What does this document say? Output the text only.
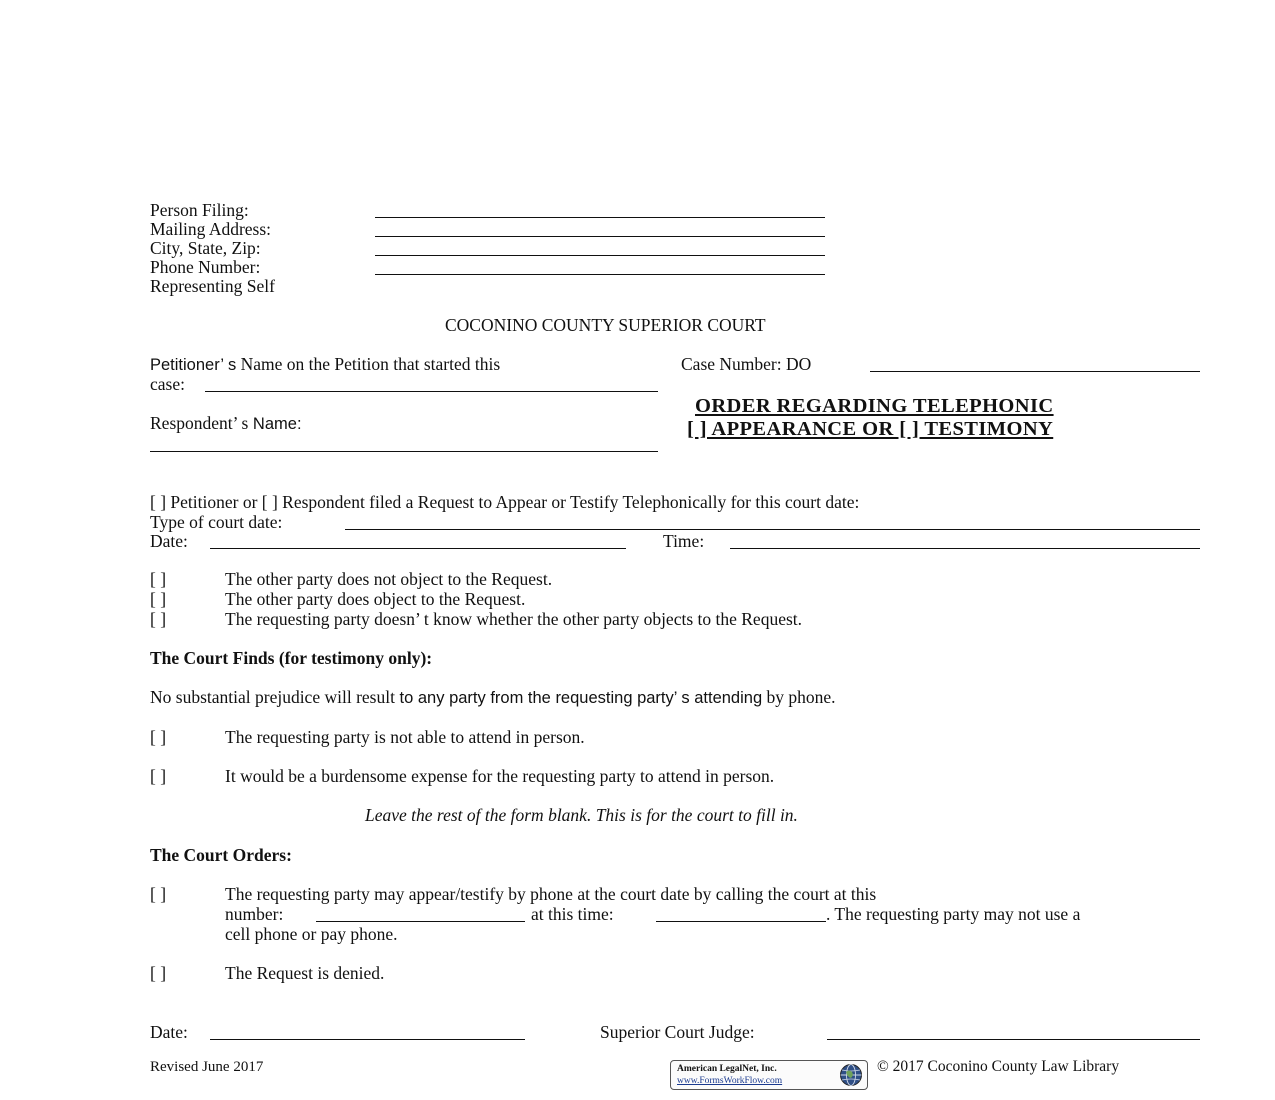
Person Filing:
Mailing Address:
City, State, Zip:
Phone Number:
Representing Self
COCONINO COUNTY SUPERIOR COURT
Petitioner’ s Name on the Petition that started this
case:
Respondent’ s Name:
Case Number: DO
ORDER REGARDING TELEPHONIC
[ ] APPEARANCE OR [ ] TESTIMONY
[ ] Petitioner or [ ] Respondent filed a Request to Appear or Testify Telephonically for this court date:
Type of court date:
Date:	Time:
[ ]	The other party does not object to the Request.
[ ]	The other party does object to the Request.
[ ]	The requesting party doesn’ t know whether the other party objects to the Request.
The Court Finds (for testimony only):
No substantial prejudice will result to any party from the requesting party’ s attending by phone.
[ ]	The requesting party is not able to attend in person.
[ ]	It would be a burdensome expense for the requesting party to attend in person.
Leave the rest of the form blank. This is for the court to fill in.
The Court Orders:
[ ]	The requesting party may appear/testify by phone at the court date by calling the court at this
number:	at this time:	. The requesting party may not use a
cell phone or pay phone.
[ ]	The Request is denied.
Date:	Superior Court Judge:
Revised June 2017	American LegalNet, Inc.
www.FormsWorkFlow.com
© 2017 Coconino County Law Library
